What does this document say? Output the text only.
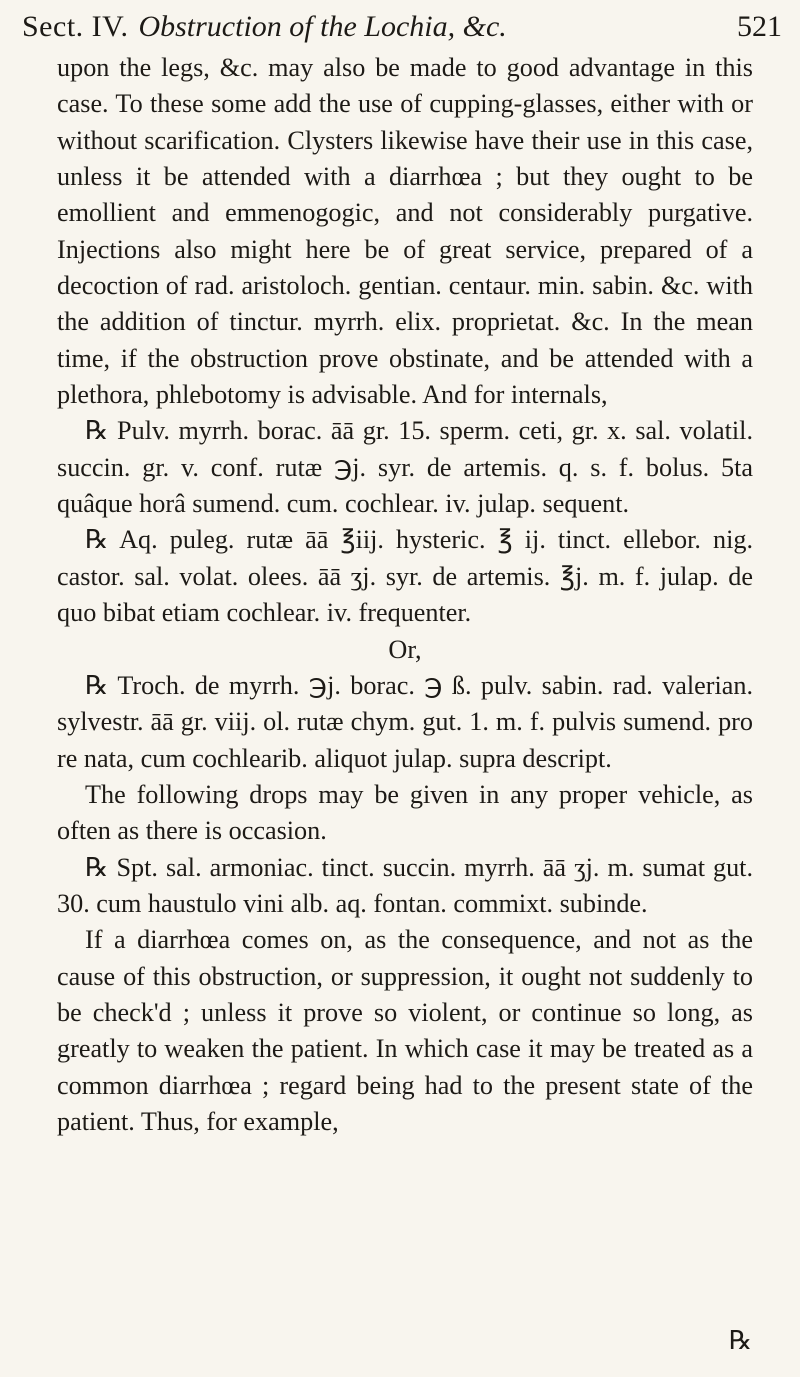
Sect. IV. Obstruction of the Lochia, &c.	521

upon the legs, &c. may also be made to good advantage in this case. To these some add the use of cupping-glasses, either with or without scarification. Clysters likewise have their use in this case, unless it be attended with a diarrhœa ; but they ought to be emollient and emmenogogic, and not considerably purgative. Injections also might here be of great service, prepared of a decoction of rad. aristoloch. gentian. centaur. min. sabin. &c. with the addition of tinctur. myrrh. elix. proprietat. &c. In the mean time, if the obstruction prove obstinate, and be attended with a plethora, phlebotomy is advisable. And for internals,

℞ Pulv. myrrh. borac. āā gr. 15. sperm. ceti, gr. x. sal. volatil. succin. gr. v. conf. rutæ ℈j. syr. de artemis. q. s. f. bolus. 5ta quâque horâ sumend. cum. cochlear. iv. julap. sequent.

℞ Aq. puleg. rutæ āā ℥iij. hysteric. ℥ ij. tinct. ellebor. nig. castor. sal. volat. olees. āā ʒj. syr. de artemis. ℥j. m. f. julap. de quo bibat etiam cochlear. iv. frequenter.

Or,

℞ Troch. de myrrh. ℈j. borac. ℈ ß. pulv. sabin. rad. valerian. sylvestr. āā gr. viij. ol. rutæ chym. gut. 1. m. f. pulvis sumend. pro re nata, cum cochlearib. aliquot julap. supra descript.

The following drops may be given in any proper vehicle, as often as there is occasion.

℞ Spt. sal. armoniac. tinct. succin. myrrh. āā ʒj. m. sumat gut. 30. cum haustulo vini alb. aq. fontan. commixt. subinde.

If a diarrhœa comes on, as the consequence, and not as the cause of this obstruction, or suppression, it ought not suddenly to be check'd ; unless it prove so violent, or continue so long, as greatly to weaken the patient. In which case it may be treated as a common diarrhœa ; regard being had to the present state of the patient. Thus, for example,

℞
